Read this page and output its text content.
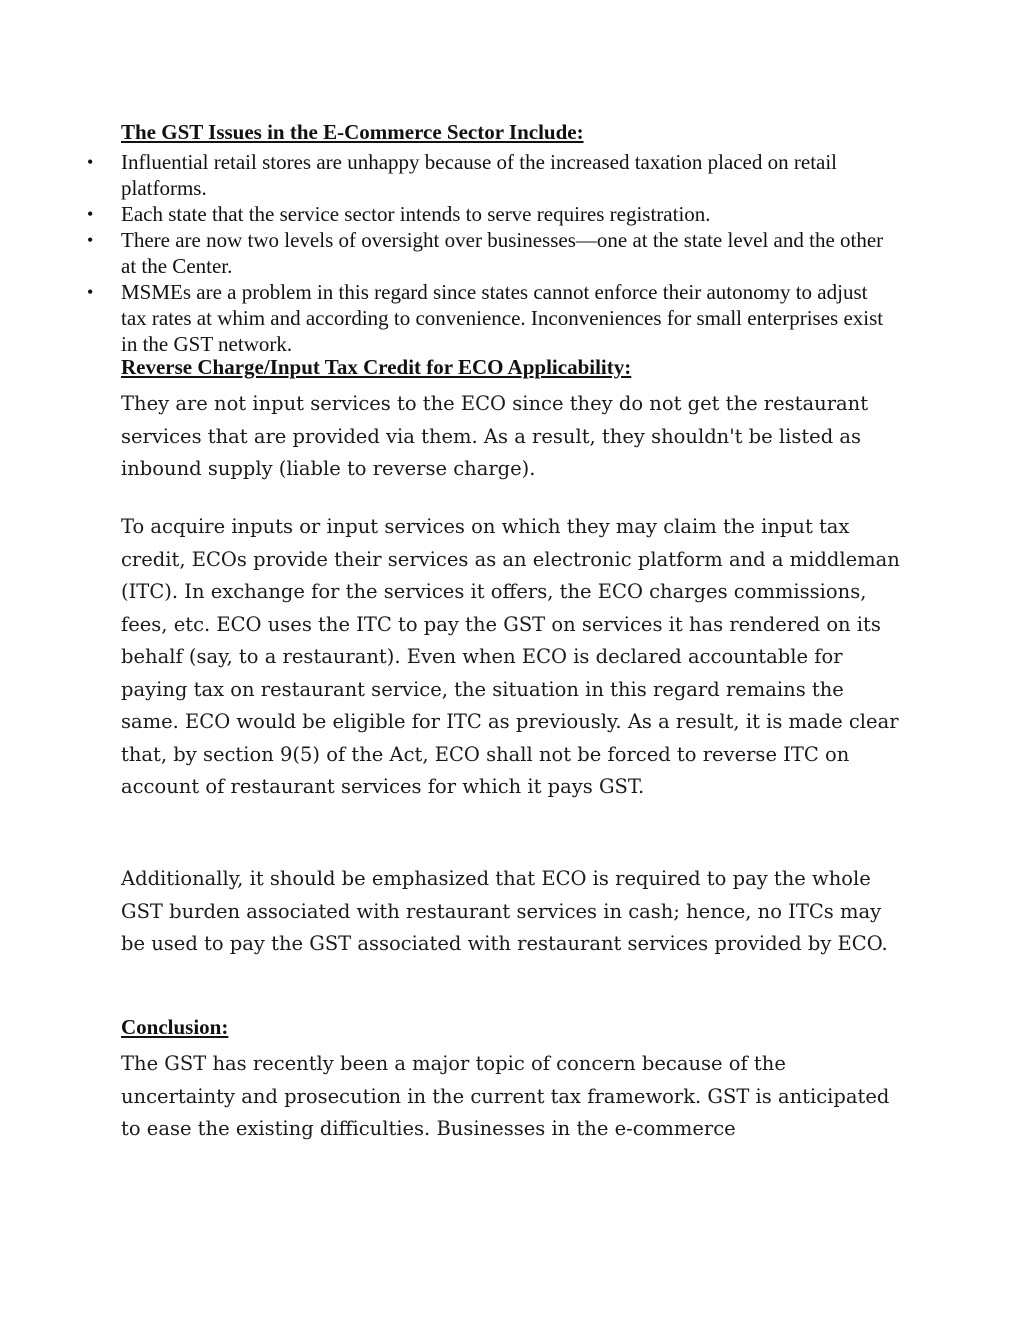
The GST Issues in the E-Commerce Sector Include:
• Influential retail stores are unhappy because of the increased taxation placed on retail platforms.
• Each state that the service sector intends to serve requires registration.
• There are now two levels of oversight over businesses—one at the state level and the other at the Center.
• MSMEs are a problem in this regard since states cannot enforce their autonomy to adjust tax rates at whim and according to convenience. Inconveniences for small enterprises exist in the GST network.
Reverse Charge/Input Tax Credit for ECO Applicability:

They are not input services to the ECO since they do not get the restaurant services that are provided via them. As a result, they shouldn't be listed as inbound supply (liable to reverse charge).

To acquire inputs or input services on which they may claim the input tax credit, ECOs provide their services as an electronic platform and a middleman (ITC). In exchange for the services it offers, the ECO charges commissions, fees, etc. ECO uses the ITC to pay the GST on services it has rendered on its behalf (say, to a restaurant). Even when ECO is declared accountable for paying tax on restaurant service, the situation in this regard remains the same. ECO would be eligible for ITC as previously. As a result, it is made clear that, by section 9(5) of the Act, ECO shall not be forced to reverse ITC on account of restaurant services for which it pays GST.

Additionally, it should be emphasized that ECO is required to pay the whole GST burden associated with restaurant services in cash; hence, no ITCs may be used to pay the GST associated with restaurant services provided by ECO.

Conclusion:

The GST has recently been a major topic of concern because of the uncertainty and prosecution in the current tax framework. GST is anticipated to ease the existing difficulties. Businesses in the e-commerce
